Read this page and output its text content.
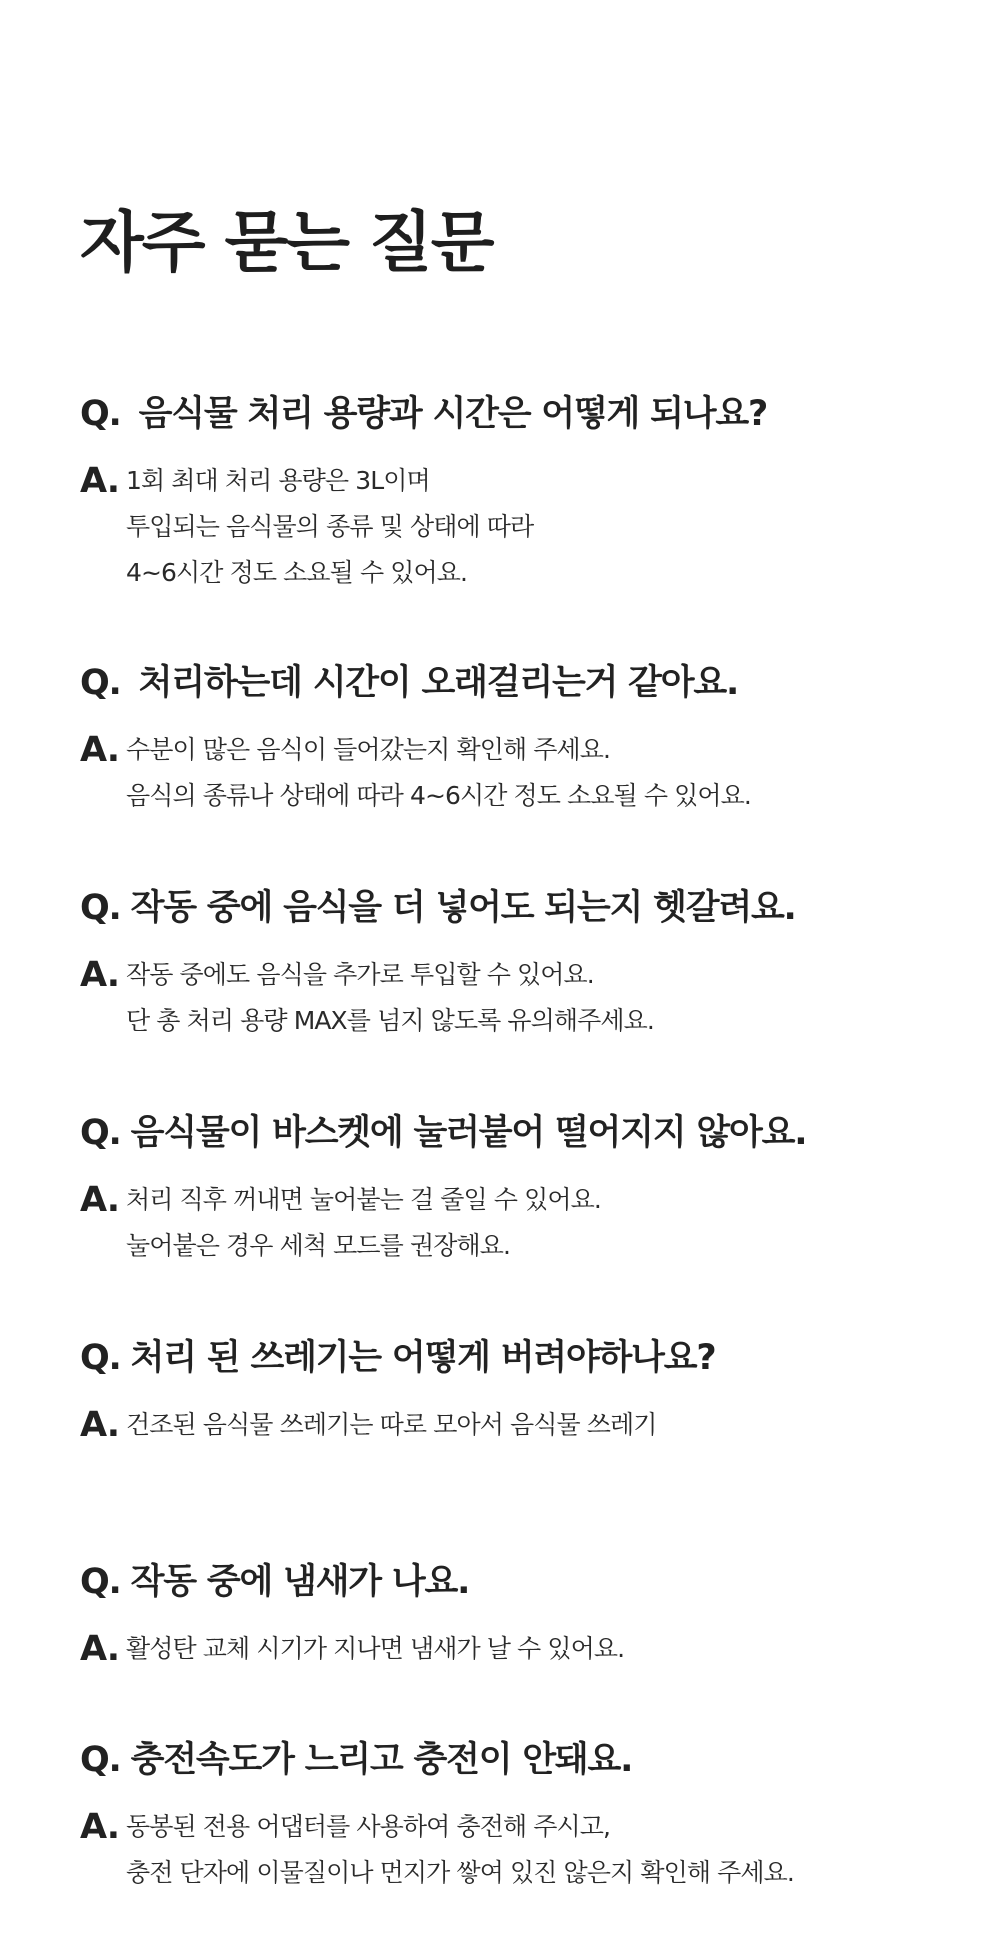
자주 묻는 질문
Q. 음식물 처리 용량과 시간은 어떻게 되나요?
A. 1회 최대 처리 용량은 3L이며
투입되는 음식물의 종류 및 상태에 따라
4~6시간 정도 소요될 수 있어요.
Q. 처리하는데 시간이 오래걸리는거 같아요.
A. 수분이 많은 음식이 들어갔는지 확인해 주세요.
음식의 종류나 상태에 따라 4~6시간 정도 소요될 수 있어요.
Q. 작동 중에 음식을 더 넣어도 되는지 헷갈려요.
A. 작동 중에도 음식을 추가로 투입할 수 있어요.
단 총 처리 용량 MAX를 넘지 않도록 유의해주세요.
Q. 음식물이 바스켓에 눌러붙어 떨어지지 않아요.
A. 처리 직후 꺼내면 눌어붙는 걸 줄일 수 있어요.
눌어붙은 경우 세척 모드를 권장해요.
Q. 처리 된 쓰레기는 어떻게 버려야하나요?
A. 건조된 음식물 쓰레기는 따로 모아서 음식물 쓰레기
Q. 작동 중에 냄새가 나요.
A. 활성탄 교체 시기가 지나면 냄새가 날 수 있어요.
Q. 충전속도가 느리고 충전이 안돼요.
A. 동봉된 전용 어댑터를 사용하여 충전해 주시고,
충전 단자에 이물질이나 먼지가 쌓여 있진 않은지 확인해 주세요.
